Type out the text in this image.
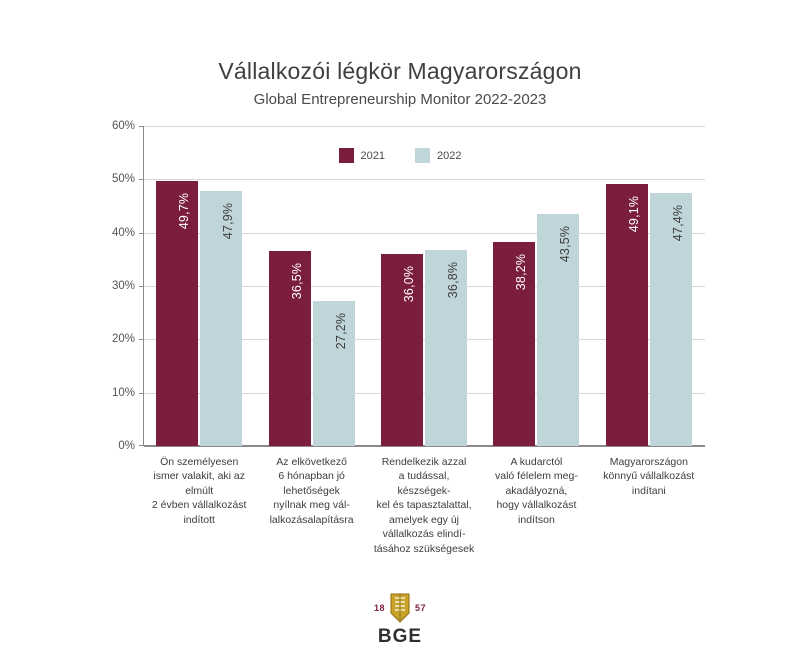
Vállalkozói légkör Magyarországon
Global Entrepreneurship Monitor 2022-2023
2021	2022
60%
50%
40%
30%
20%
10%
0%
49,7% 47,9%
36,5%
27,2%
36,0% 36,8%	38,2%
43,5%
49,1% 47,4%
Ön személyesen
ismer valakit, aki az
elmúlt
2 évben vállalkozást
indított
Az elkövetkező
6 hónapban jó
lehetőségek
nyílnak meg vál-
lalkozásalapításra
Rendelkezik azzal
a tudással, készségek-
kel és tapasztalattal,
amelyek egy új
vállalkozás elindí-
tásához szükségesek
A kudarctól
való félelem meg-
akadályozná,
hogy vállalkozást
indítson
Magyarországon
könnyű vállalkozást
indítani
18	57
BGE
